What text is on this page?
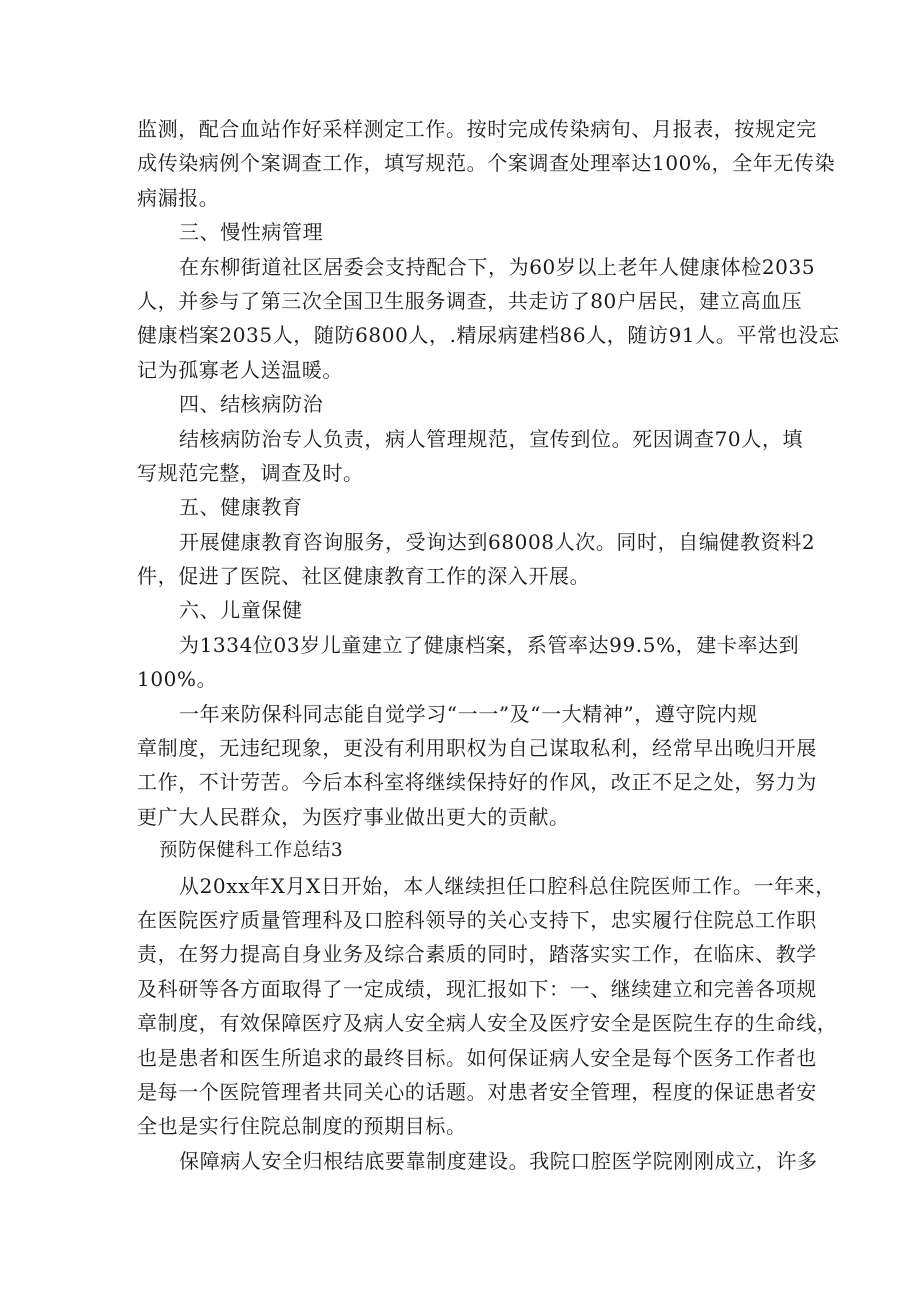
监测，配合血站作好采样测定工作。按时完成传染病旬、月报表，按规定完
成传染病例个案调查工作，填写规范。个案调查处理率达100%，全年无传染
病漏报。
三、慢性病管理
在东柳街道社区居委会支持配合下，为60岁以上老年人健康体检2035
人，并参与了第三次全国卫生服务调查，共走访了80户居民，建立高血压
健康档案2035人，随防6800人，.精尿病建档86人，随访91人。平常也没忘
记为孤寡老人送温暖。
四、结核病防治
结核病防治专人负责，病人管理规范，宣传到位。死因调查70人，填
写规范完整，调查及时。
五、健康教育
开展健康教育咨询服务，受询达到68008人次。同时，自编健教资料2
件，促进了医院、社区健康教育工作的深入开展。
六、儿童保健
为1334位03岁儿童建立了健康档案，系管率达99.5%，建卡率达到
100%。
一年来防保科同志能自觉学习“一一”及“一大精神”，遵守院内规
章制度，无违纪现象，更没有利用职权为自己谋取私利，经常早出晚归开展
工作，不计劳苦。今后本科室将继续保持好的作风，改正不足之处，努力为
更广大人民群众，为医疗事业做出更大的贡献。
预防保健科工作总结3
从20xx年X月X日开始，本人继续担任口腔科总住院医师工作。一年来，
在医院医疗质量管理科及口腔科领导的关心支持下，忠实履行住院总工作职
责，在努力提高自身业务及综合素质的同时，踏落实实工作，在临床、教学
及科研等各方面取得了一定成绩，现汇报如下：一、继续建立和完善各项规
章制度，有效保障医疗及病人安全病人安全及医疗安全是医院生存的生命线，
也是患者和医生所追求的最终目标。如何保证病人安全是每个医务工作者也
是每一个医院管理者共同关心的话题。对患者安全管理，程度的保证患者安
全也是实行住院总制度的预期目标。
保障病人安全归根结底要靠制度建设。我院口腔医学院刚刚成立，许多
